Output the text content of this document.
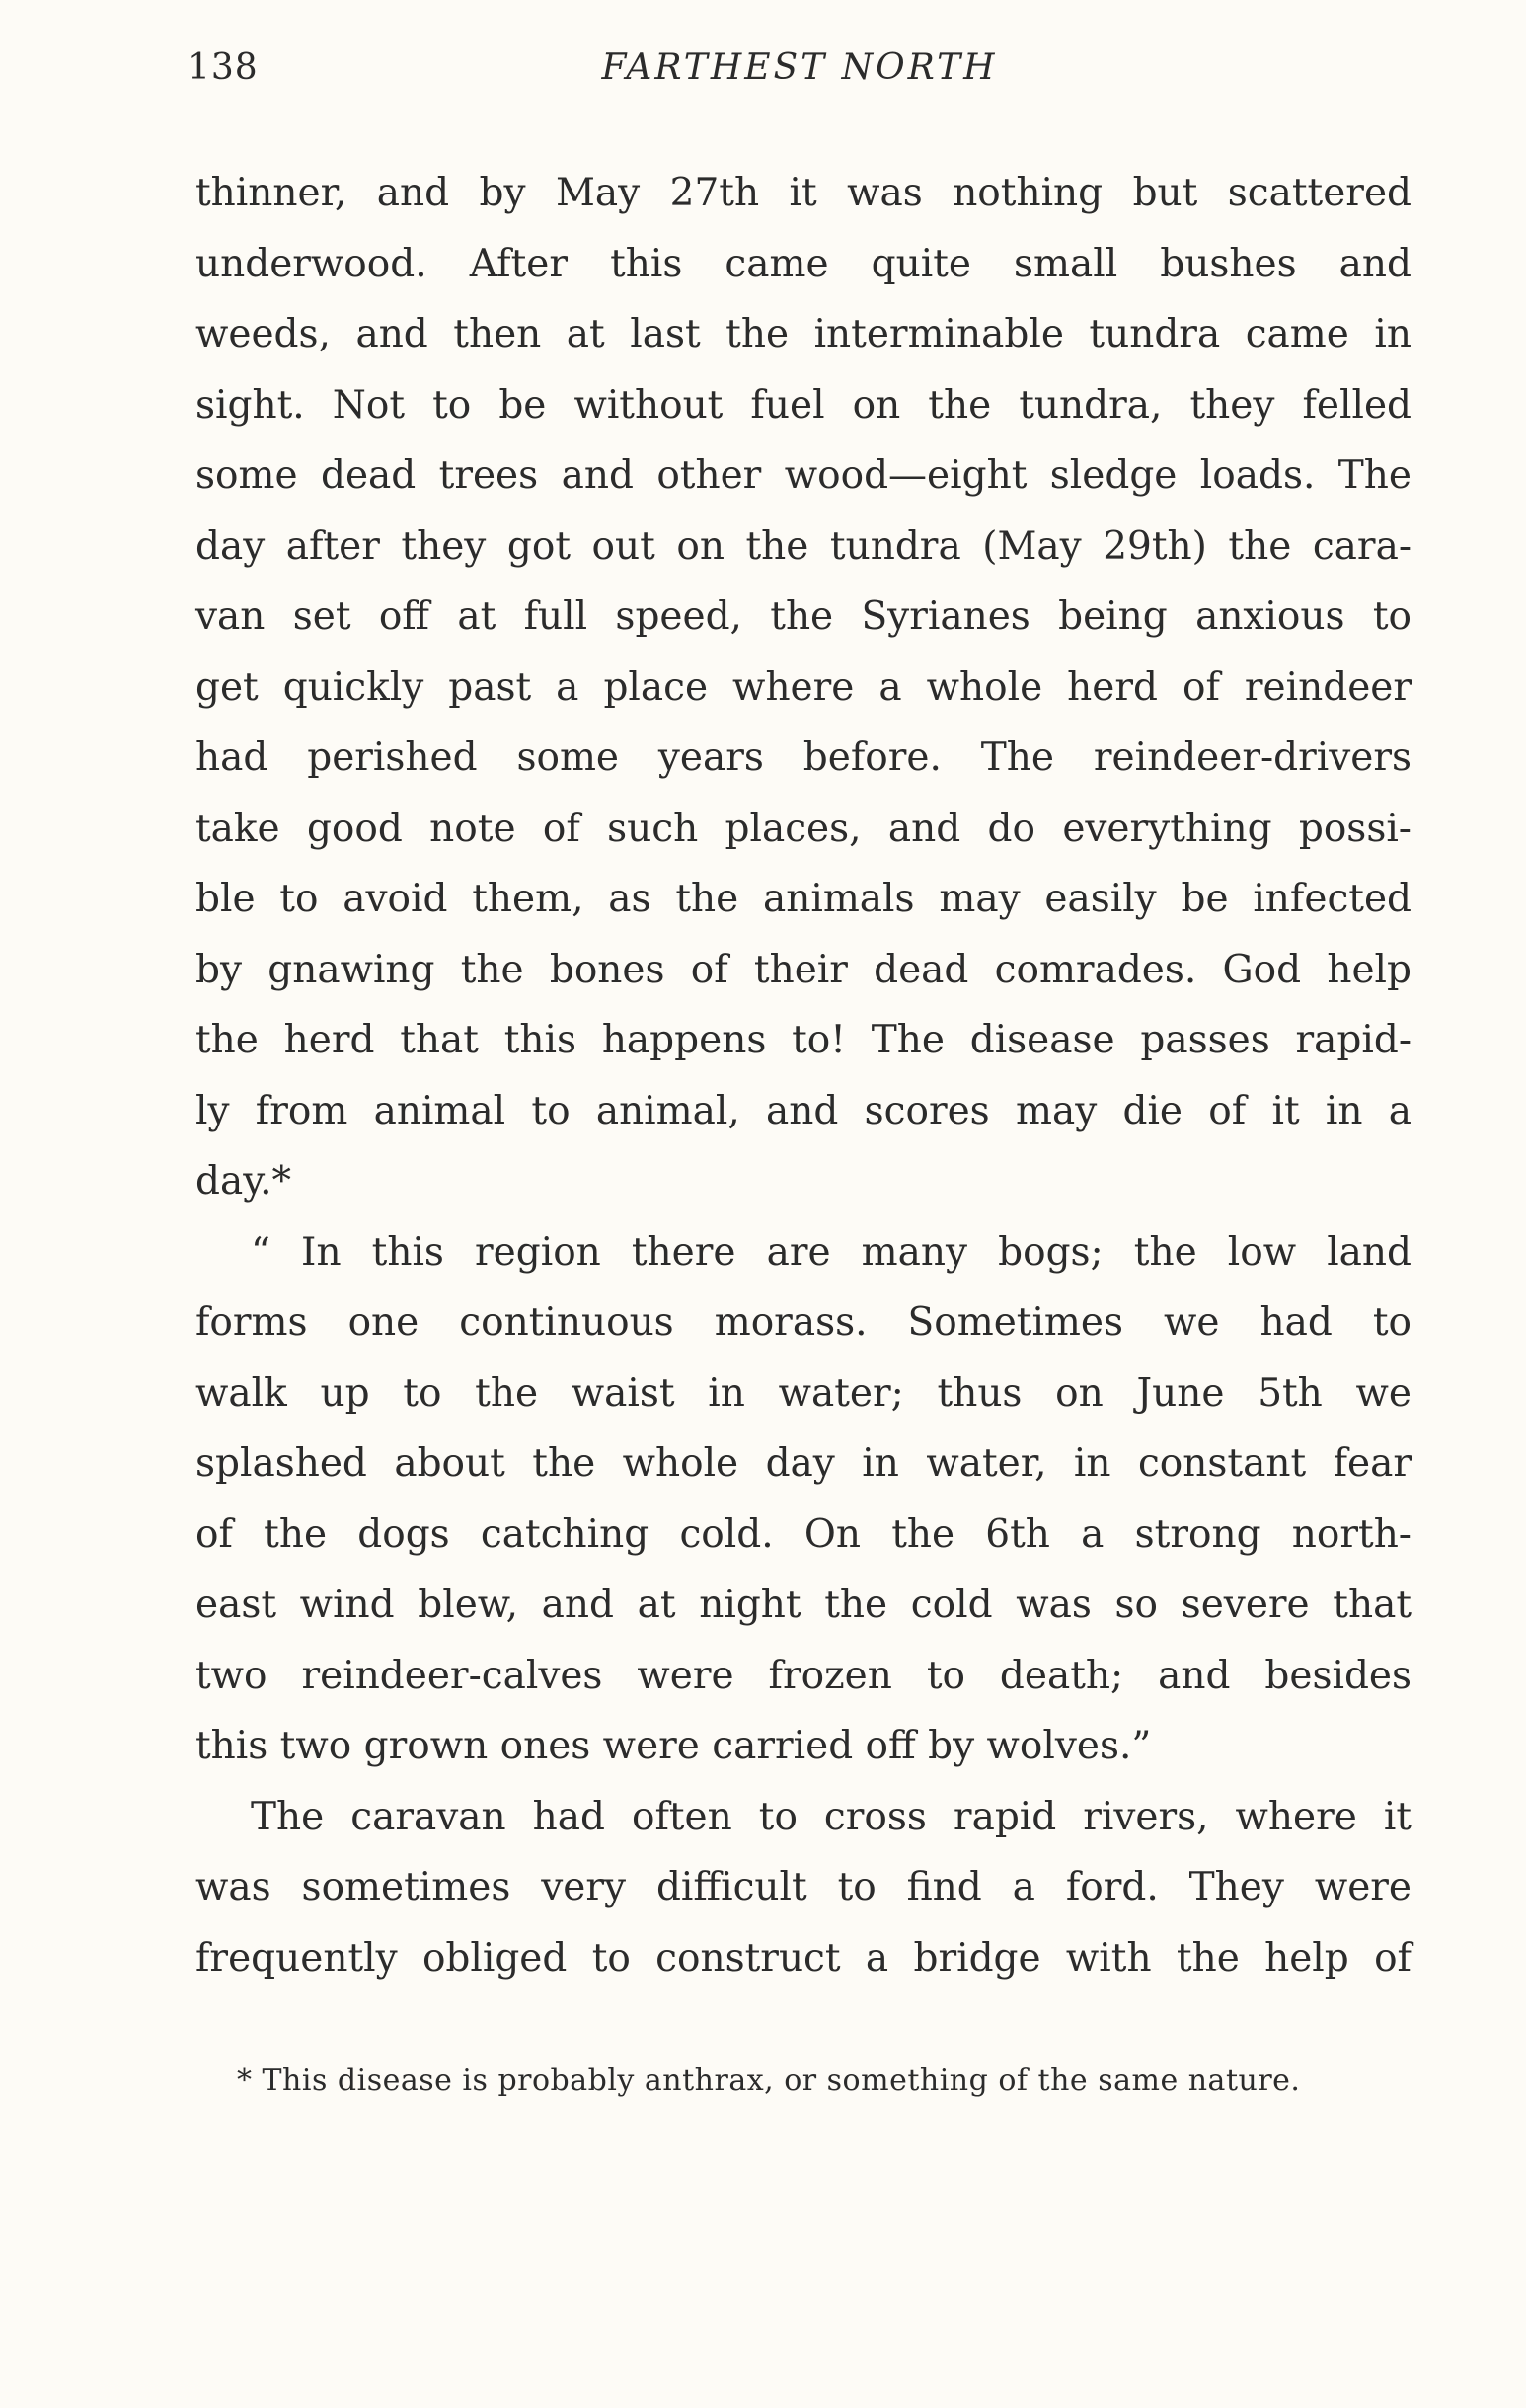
138	FARTHEST NORTH
thinner, and by May 27th it was nothing but scattered
underwood. After this came quite small bushes and
weeds, and then at last the interminable tundra came in
sight. Not to be without fuel on the tundra, they felled
some dead trees and other wood—eight sledge loads. The
day after they got out on the tundra (May 29th) the cara-
van set off at full speed, the Syrianes being anxious to
get quickly past a place where a whole herd of reindeer
had perished some years before. The reindeer-drivers
take good note of such places, and do everything possi-
ble to avoid them, as the animals may easily be infected
by gnawing the bones of their dead comrades. God help
the herd that this happens to! The disease passes rapid-
ly from animal to animal, and scores may die of it in a
day.*
“ In this region there are many bogs; the low land
forms one continuous morass. Sometimes we had to
walk up to the waist in water; thus on June 5th we
splashed about the whole day in water, in constant fear
of the dogs catching cold. On the 6th a strong north-
east wind blew, and at night the cold was so severe that
two reindeer-calves were frozen to death; and besides
this two grown ones were carried off by wolves.”
The caravan had often to cross rapid rivers, where it
was sometimes very difficult to find a ford. They were
frequently obliged to construct a bridge with the help of
* This disease is probably anthrax, or something of the same nature.
